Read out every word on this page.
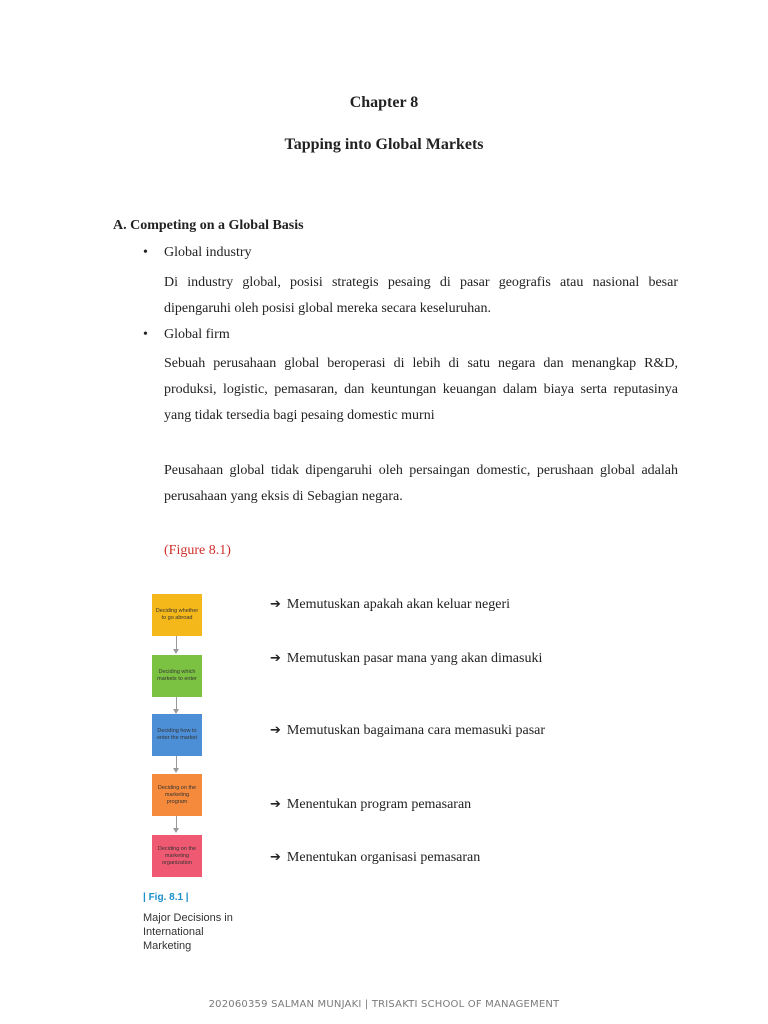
Chapter 8
Tapping into Global Markets
A. Competing on a Global Basis
• Global industry
Di industry global, posisi strategis pesaing di pasar geografis atau nasional besar dipengaruhi oleh posisi global mereka secara keseluruhan.
• Global firm
Sebuah perusahaan global beroperasi di lebih di satu negara dan menangkap R&D, produksi, logistic, pemasaran, dan keuntungan keuangan dalam biaya serta reputasinya yang tidak tersedia bagi pesaing domestic murni
Peusahaan global tidak dipengaruhi oleh persaingan domestic, perushaan global adalah perusahaan yang eksis di Sebagian negara.
(Figure 8.1)
Deciding whether to go abroad
Deciding which markets to enter
Deciding how to enter the market
Deciding on the marketing program
Deciding on the marketing organization
| Fig. 8.1 |
Major Decisions in International Marketing
➔ Memutuskan apakah akan keluar negeri
➔ Memutuskan pasar mana yang akan dimasuki
➔ Memutuskan bagaimana cara memasuki pasar
➔ Menentukan program pemasaran
➔ Menentukan organisasi pemasaran
202060359 SALMAN MUNJAKI | TRISAKTI SCHOOL OF MANAGEMENT
